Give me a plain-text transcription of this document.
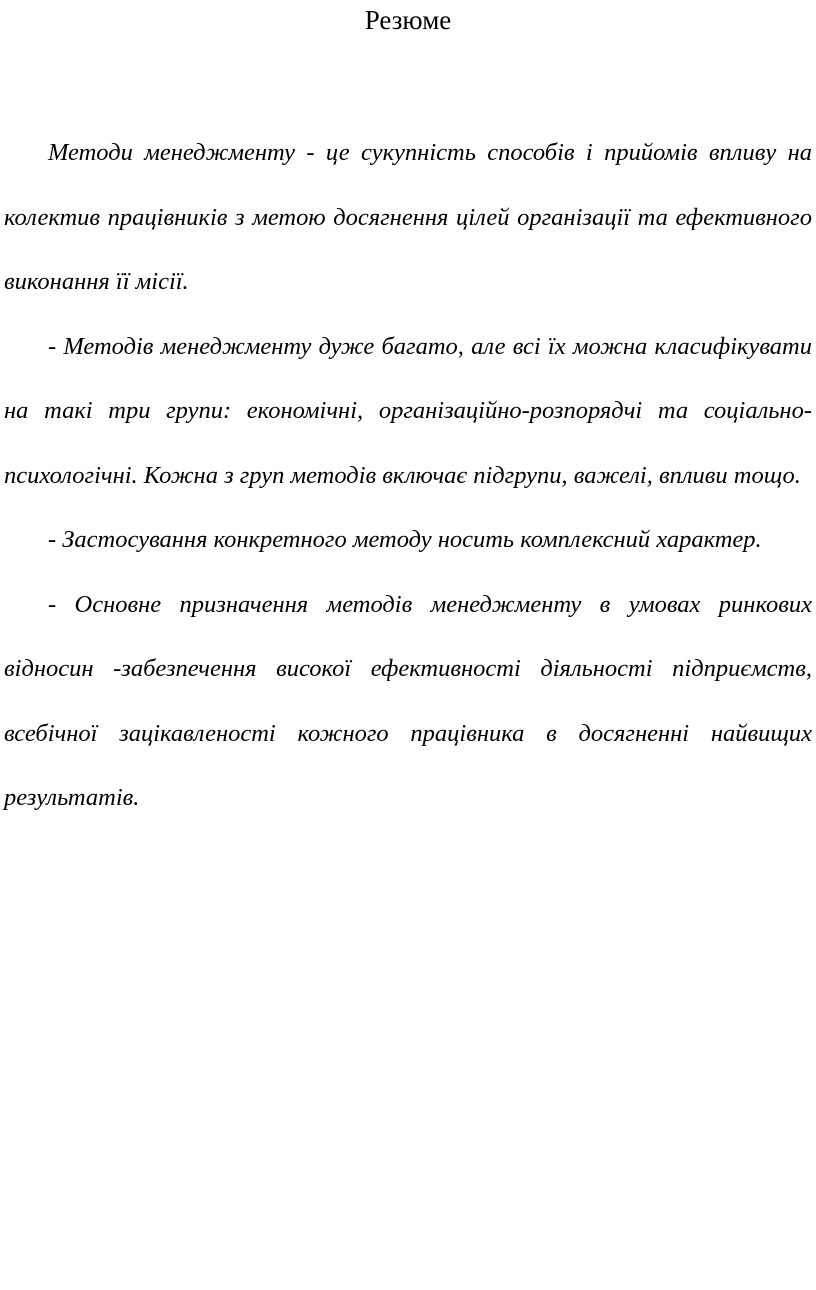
Резюме

Методи менеджменту - це сукупність способів і прийомів впливу на колектив працівників з метою досягнення цілей організації та ефективного виконання її місії.

- Методів менеджменту дуже багато, але всі їх можна класифікувати на такі три групи: економічні, організаційно-розпорядчі та соціально-психологічні. Кожна з груп методів включає підгрупи, важелі, впливи тощо.

- Застосування конкретного методу носить комплексний характер.

- Основне призначення методів менеджменту в умовах ринкових відносин -забезпечення високої ефективності діяльності підприємств, всебічної зацікавленості кожного працівника в досягненні найвищих результатів.
